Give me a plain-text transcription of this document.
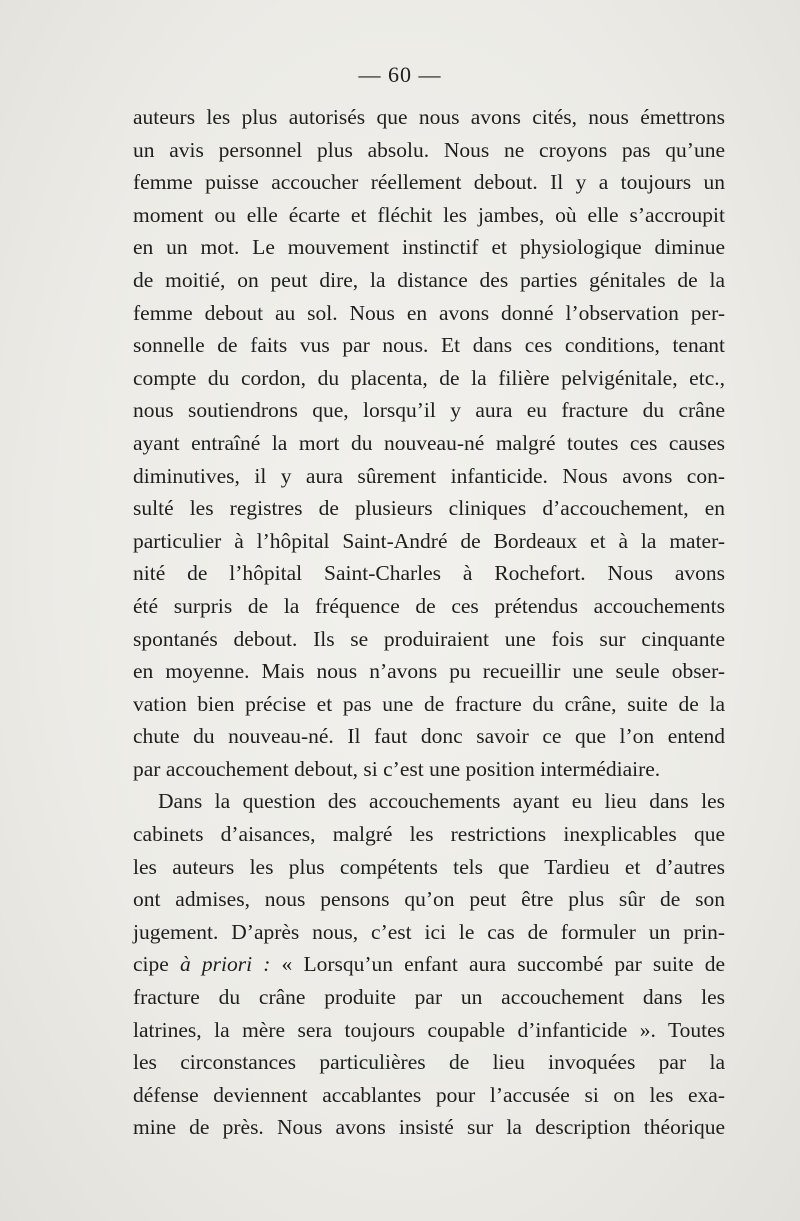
— 60 —
auteurs les plus autorisés que nous avons cités, nous émettrons
un avis personnel plus absolu. Nous ne croyons pas qu’une
femme puisse accoucher réellement debout. Il y a toujours un
moment ou elle écarte et fléchit les jambes, où elle s’accroupit
en un mot. Le mouvement instinctif et physiologique diminue
de moitié, on peut dire, la distance des parties génitales de la
femme debout au sol. Nous en avons donné l’observation per-
sonnelle de faits vus par nous. Et dans ces conditions, tenant
compte du cordon, du placenta, de la filière pelvigénitale, etc.,
nous soutiendrons que, lorsqu’il y aura eu fracture du crâne
ayant entraîné la mort du nouveau-né malgré toutes ces causes
diminutives, il y aura sûrement infanticide. Nous avons con-
sulté les registres de plusieurs cliniques d’accouchement, en
particulier à l’hôpital Saint-André de Bordeaux et à la mater-
nité de l’hôpital Saint-Charles à Rochefort. Nous avons
été surpris de la fréquence de ces prétendus accouchements
spontanés debout. Ils se produiraient une fois sur cinquante
en moyenne. Mais nous n’avons pu recueillir une seule obser-
vation bien précise et pas une de fracture du crâne, suite de la
chute du nouveau-né. Il faut donc savoir ce que l’on entend
par accouchement debout, si c’est une position intermédiaire.
Dans la question des accouchements ayant eu lieu dans les
cabinets d’aisances, malgré les restrictions inexplicables que
les auteurs les plus compétents tels que Tardieu et d’autres
ont admises, nous pensons qu’on peut être plus sûr de son
jugement. D’après nous, c’est ici le cas de formuler un prin-
cipe à priori : « Lorsqu’un enfant aura succombé par suite de
fracture du crâne produite par un accouchement dans les
latrines, la mère sera toujours coupable d’infanticide ». Toutes
les circonstances particulières de lieu invoquées par la
défense deviennent accablantes pour l’accusée si on les exa-
mine de près. Nous avons insisté sur la description théorique
